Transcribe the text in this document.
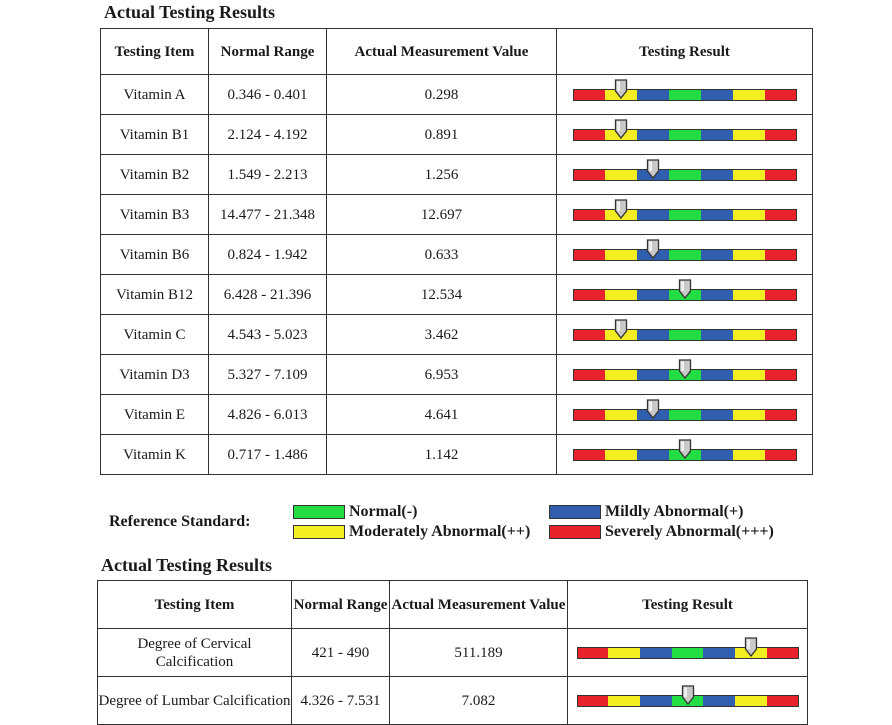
Actual Testing Results
Testing Item	Normal Range	Actual Measurement Value	Testing Result
Vitamin A	0.346 - 0.401	0.298	

Vitamin B1	2.124 - 4.192	0.891	

Vitamin B2	1.549 - 2.213	1.256	

Vitamin B3	14.477 - 21.348	12.697	

Vitamin B6	0.824 - 1.942	0.633	

Vitamin B12	6.428 - 21.396	12.534	

Vitamin C	4.543 - 5.023	3.462	

Vitamin D3	5.327 - 7.109	6.953	

Vitamin E	4.826 - 6.013	4.641	

Vitamin K	0.717 - 1.486	1.142	
Reference Standard:
Normal(-)
Moderately Abnormal(++)
Mildly Abnormal(+)
Severely Abnormal(+++)
Actual Testing Results
Testing Item	Normal Range	Actual Measurement Value	Testing Result
Degree of Cervical Calcification	421 - 490	511.189	

Degree of Lumbar Calcification	4.326 - 7.531	7.082	
